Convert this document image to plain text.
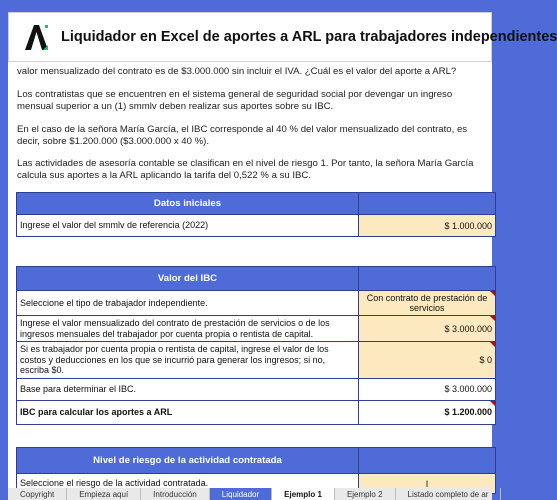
Liquidador en Excel de aportes a ARL para trabajadores independientes
valor mensualizado del contrato es de $3.000.000 sin incluir el IVA. ¿Cuál es el valor del aporte a ARL?
Los contratistas que se encuentren en el sistema general de seguridad social por devengar un ingreso mensual superior a un (1) smmlv deben realizar sus aportes sobre su IBC.
En el caso de la señora María García, el IBC corresponde al 40 % del valor mensualizado del contrato, es decir, sobre $1.200.000 ($3.000.000 x 40 %).
Las actividades de asesoría contable se clasifican en el nivel de riesgo 1. Por tanto, la señora María García calcula sus aportes a la ARL aplicando la tarifa del 0,522 % a su IBC.
Datos iniciales	
Ingrese el valor del smmlv de referencia (2022)	$ 1.000.000
Valor del IBC	
Seleccione el tipo de trabajador independiente.	Con contrato de prestación de servicios
Ingrese el valor mensualizado del contrato de prestación de servicios o de los ingresos mensuales del trabajador por cuenta propia o rentista de capital.	$ 3.000.000
Si es trabajador por cuenta propia o rentista de capital, ingrese el valor de los costos y deducciones en los que se incurrió para generar los ingresos; si no, escriba $0.	$ 0
Base para determinar el IBC.	$ 3.000.000
IBC para calcular los aportes a ARL	$ 1.200.000
Nivel de riesgo de la actividad contratada	
Seleccione el riesgo de la actividad contratada.	I
Copyright	Empieza aquí	Introducción	Liquidador	Ejemplo 1	Ejemplo 2	Listado completo de ar
